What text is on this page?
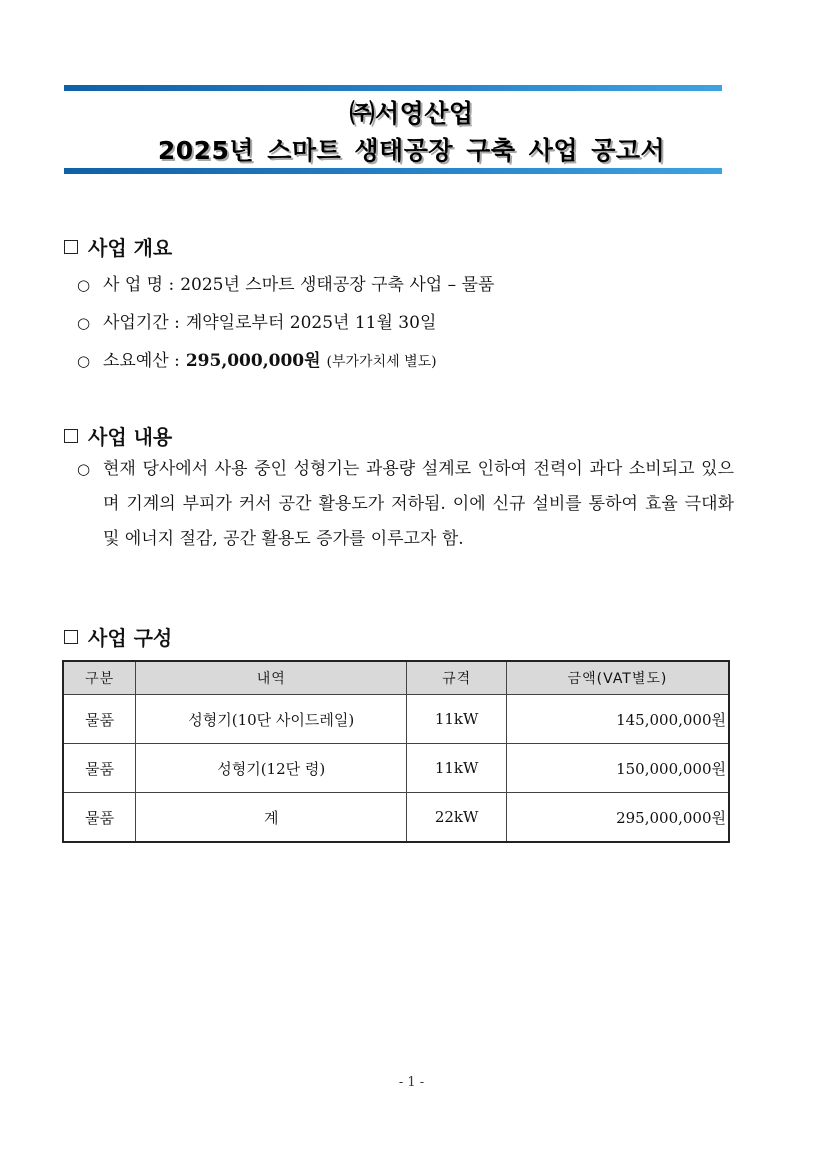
㈜서영산업
2025년 스마트 생태공장 구축 사업 공고서
사업 개요
○ 사 업 명 : 2025년 스마트 생태공장 구축 사업 – 물품
○ 사업기간 : 계약일로부터 2025년 11월 30일
○ 소요예산 : 295,000,000원 (부가가치세 별도)
사업 내용
○ 현재 당사에서 사용 중인 성형기는 과용량 설계로 인하여 전력이 과다 소비되고 있으며 기계의 부피가 커서 공간 활용도가 저하됨. 이에 신규 설비를 통하여 효율 극대화 및 에너지 절감, 공간 활용도 증가를 이루고자 함.
사업 구성
구분	내역	규격	금액(VAT별도)
물품	성형기(10단 사이드레일)	11kW	145,000,000원
물품	성형기(12단 령)	11kW	150,000,000원
물품	계	22kW	295,000,000원
- 1 -
